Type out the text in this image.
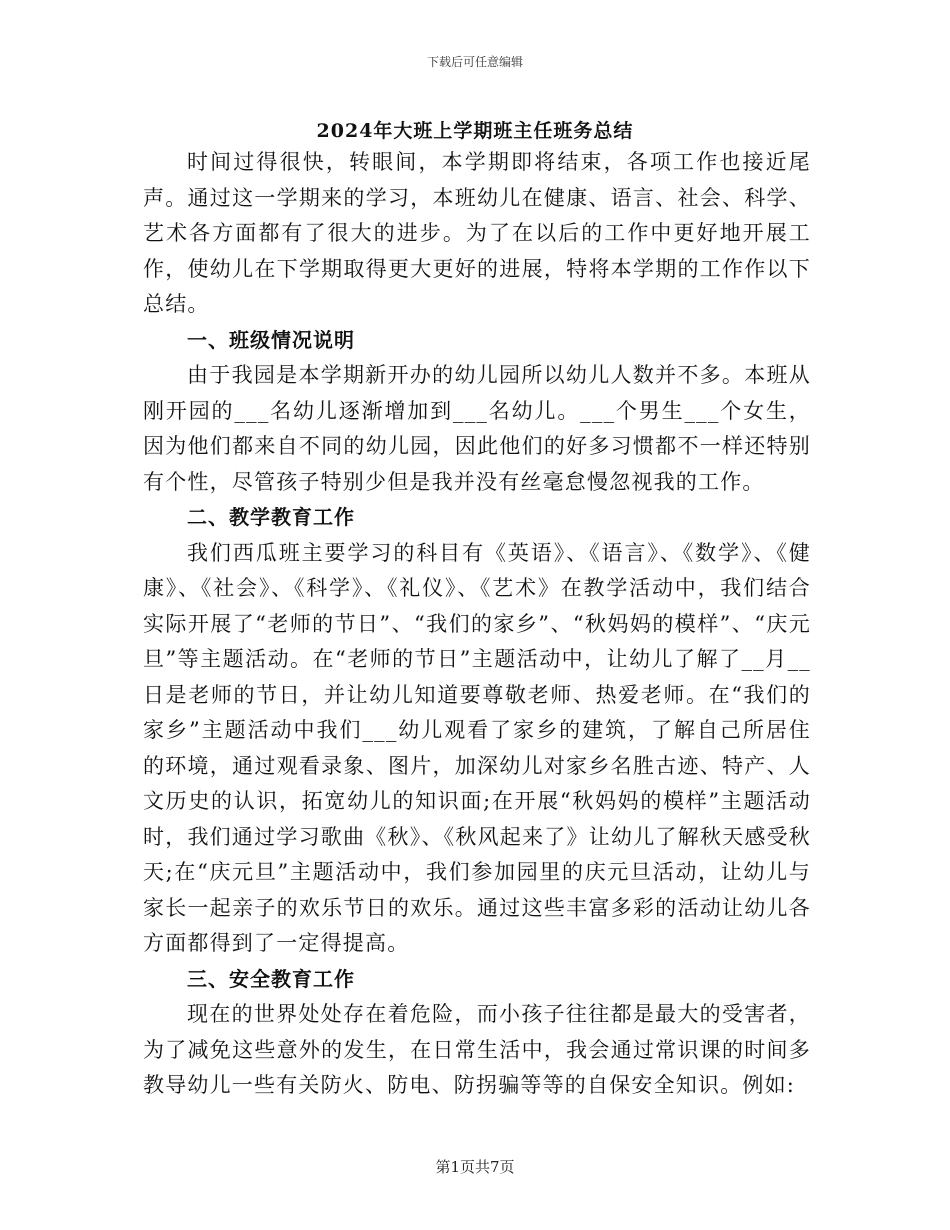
下载后可任意编辑
2024年大班上学期班主任班务总结

时间过得很快，转眼间，本学期即将结束，各项工作也接近尾声。通过这一学期来的学习，本班幼儿在健康、语言、社会、科学、艺术各方面都有了很大的进步。为了在以后的工作中更好地开展工作，使幼儿在下学期取得更大更好的进展，特将本学期的工作作以下总结。

一、班级情况说明

由于我园是本学期新开办的幼儿园所以幼儿人数并不多。本班从刚开园的___名幼儿逐渐增加到___名幼儿。___个男生___个女生，因为他们都来自不同的幼儿园，因此他们的好多习惯都不一样还特别有个性，尽管孩子特别少但是我并没有丝毫怠慢忽视我的工作。

二、教学教育工作

我们西瓜班主要学习的科目有《英语》、《语言》、《数学》、《健康》、《社会》、《科学》、《礼仪》、《艺术》在教学活动中，我们结合实际开展了“老师的节日”、“我们的家乡”、“秋妈妈的模样”、“庆元旦”等主题活动。在“老师的节日”主题活动中，让幼儿了解了__月__日是老师的节日，并让幼儿知道要尊敬老师、热爱老师。在“我们的家乡”主题活动中我们___幼儿观看了家乡的建筑，了解自己所居住的环境，通过观看录象、图片，加深幼儿对家乡名胜古迹、特产、人文历史的认识，拓宽幼儿的知识面;在开展“秋妈妈的模样”主题活动时，我们通过学习歌曲《秋》、《秋风起来了》让幼儿了解秋天感受秋天;在“庆元旦”主题活动中，我们参加园里的庆元旦活动，让幼儿与家长一起亲子的欢乐节日的欢乐。通过这些丰富多彩的活动让幼儿各方面都得到了一定得提高。

三、安全教育工作

现在的世界处处存在着危险，而小孩子往往都是最大的受害者，为了减免这些意外的发生，在日常生活中，我会通过常识课的时间多教导幼儿一些有关防火、防电、防拐骗等等的自保安全知识。例如:

第1页共7页
